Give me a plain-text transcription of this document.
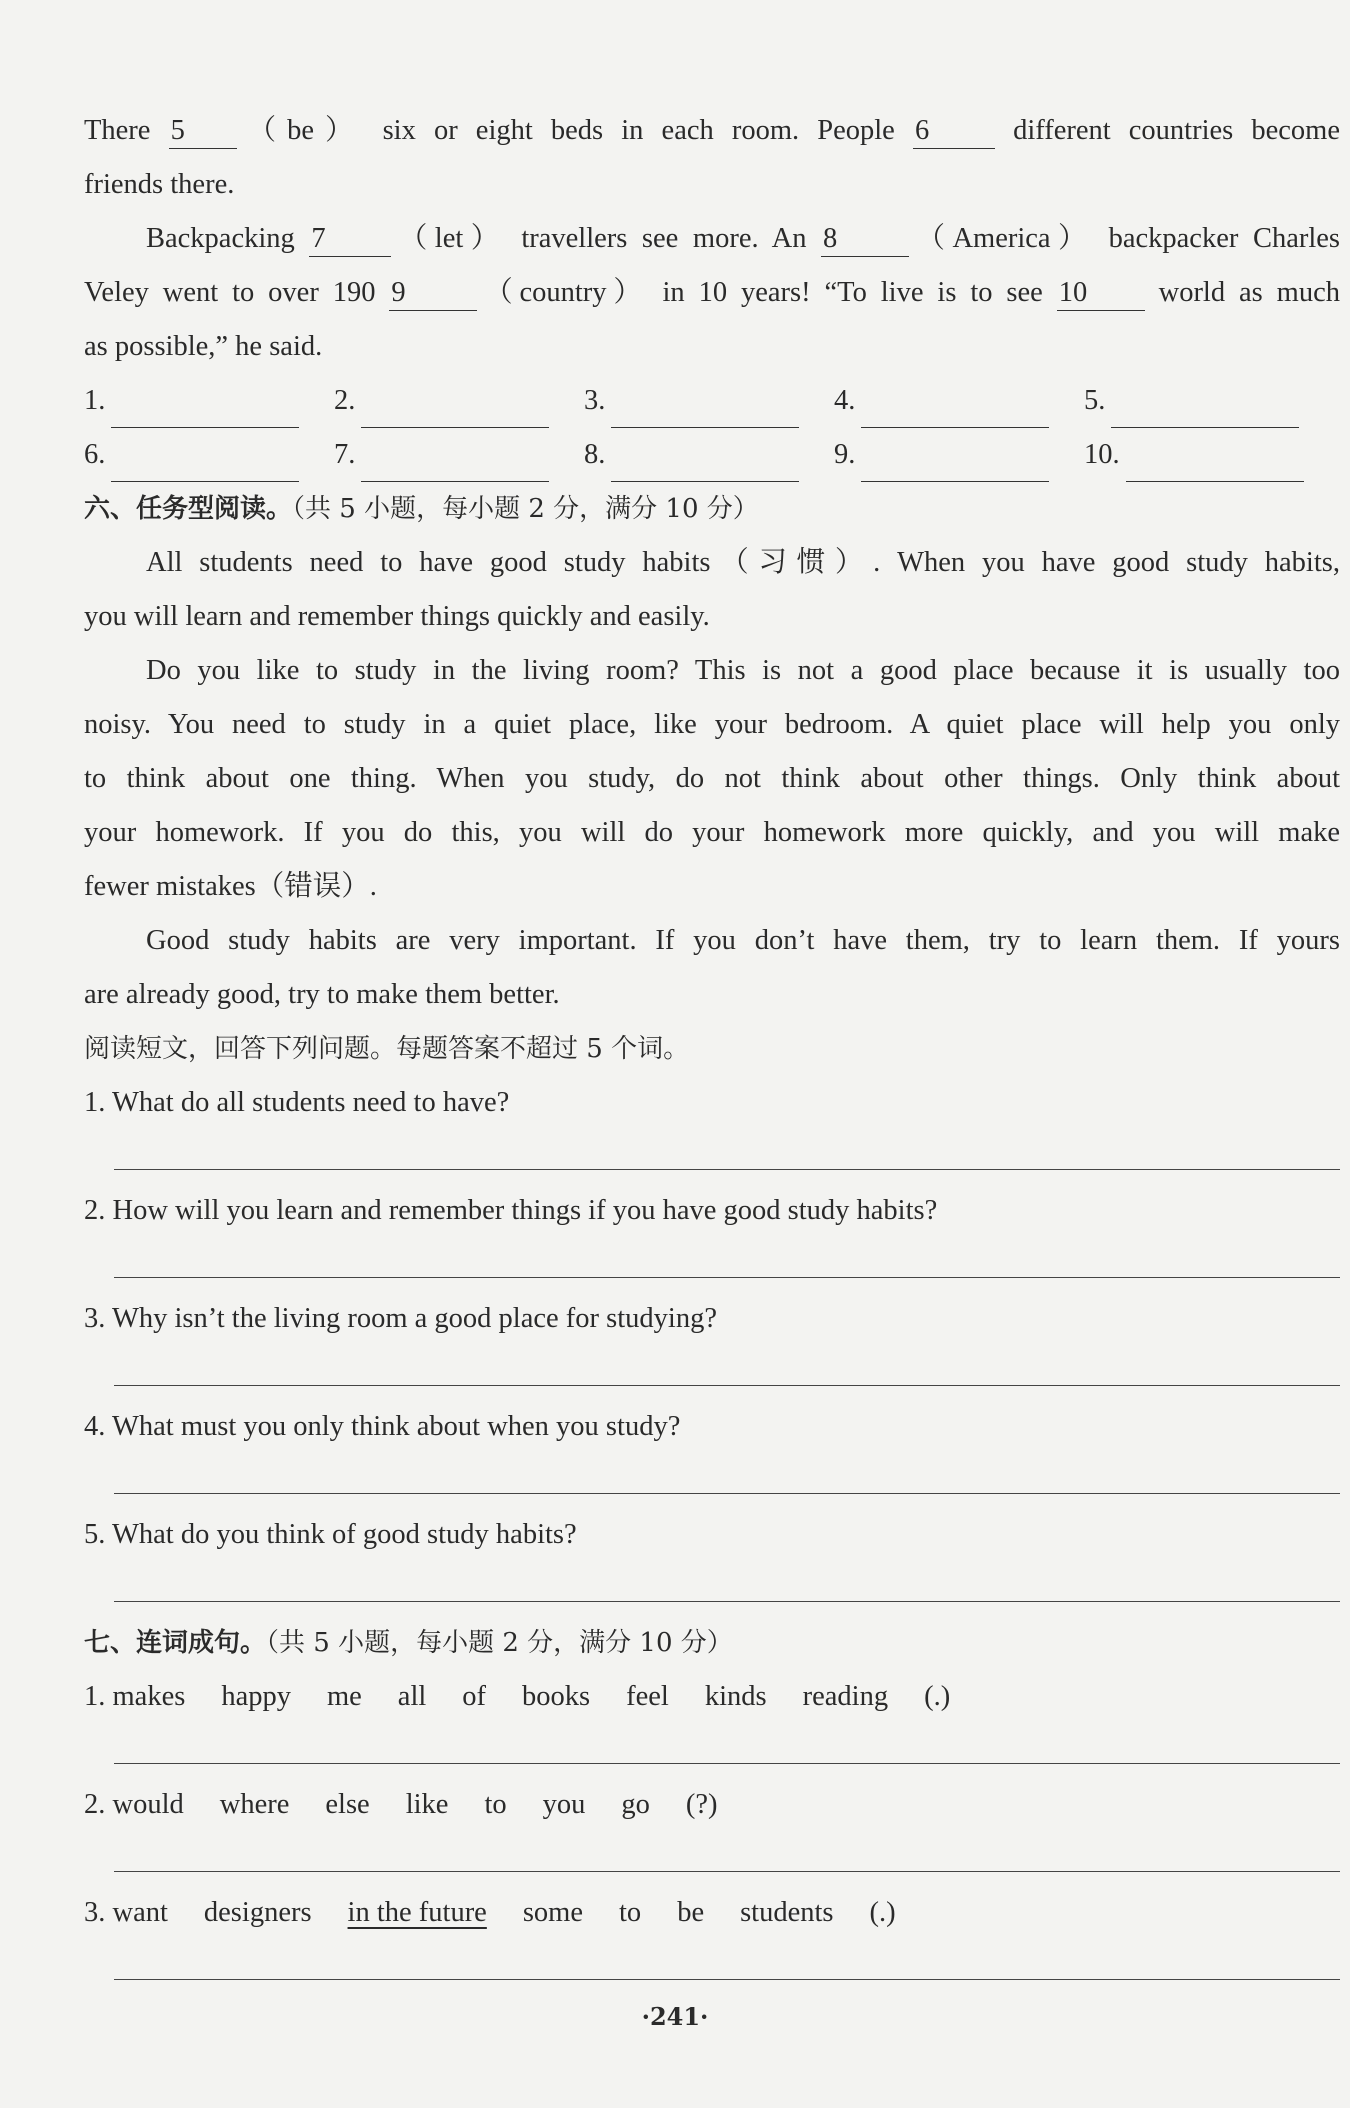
There 5 （be） six or eight beds in each room. People 6 different countries become
friends there.
Backpacking 7 （let） travellers see more. An 8	（America） backpacker Charles
Veley went to over 190 9	（country） in 10 years! “To live is to see 10 world as much
as possible,” he said.
1.	2.	3.	4.	5.
6.	7.	8.	9.	10.
六、任务型阅读。（共 5 小题，每小题 2 分，满分 10 分）
All students need to have good study habits（习惯）. When you have good study habits,
you will learn and remember things quickly and easily.
Do you like to study in the living room? This is not a good place because it is usually too
noisy. You need to study in a quiet place, like your bedroom. A quiet place will help you only
to think about one thing. When you study, do not think about other things. Only think about
your homework. If you do this, you will do your homework more quickly, and you will make
fewer mistakes（错误）.
Good study habits are very important. If you don’t have them, try to learn them. If yours
are already good, try to make them better.
阅读短文，回答下列问题。每题答案不超过 5 个词。
1. What do all students need to have?
2. How will you learn and remember things if you have good study habits?
3. Why isn’t the living room a good place for studying?
4. What must you only think about when you study?
5. What do you think of good study habits?
七、连词成句。（共 5 小题，每小题 2 分，满分 10 分）
1. makes happy me all of books feel kinds reading (.)
2. would where else like to you go (?)
3. want designers in the future some to be students (.)
·241·
